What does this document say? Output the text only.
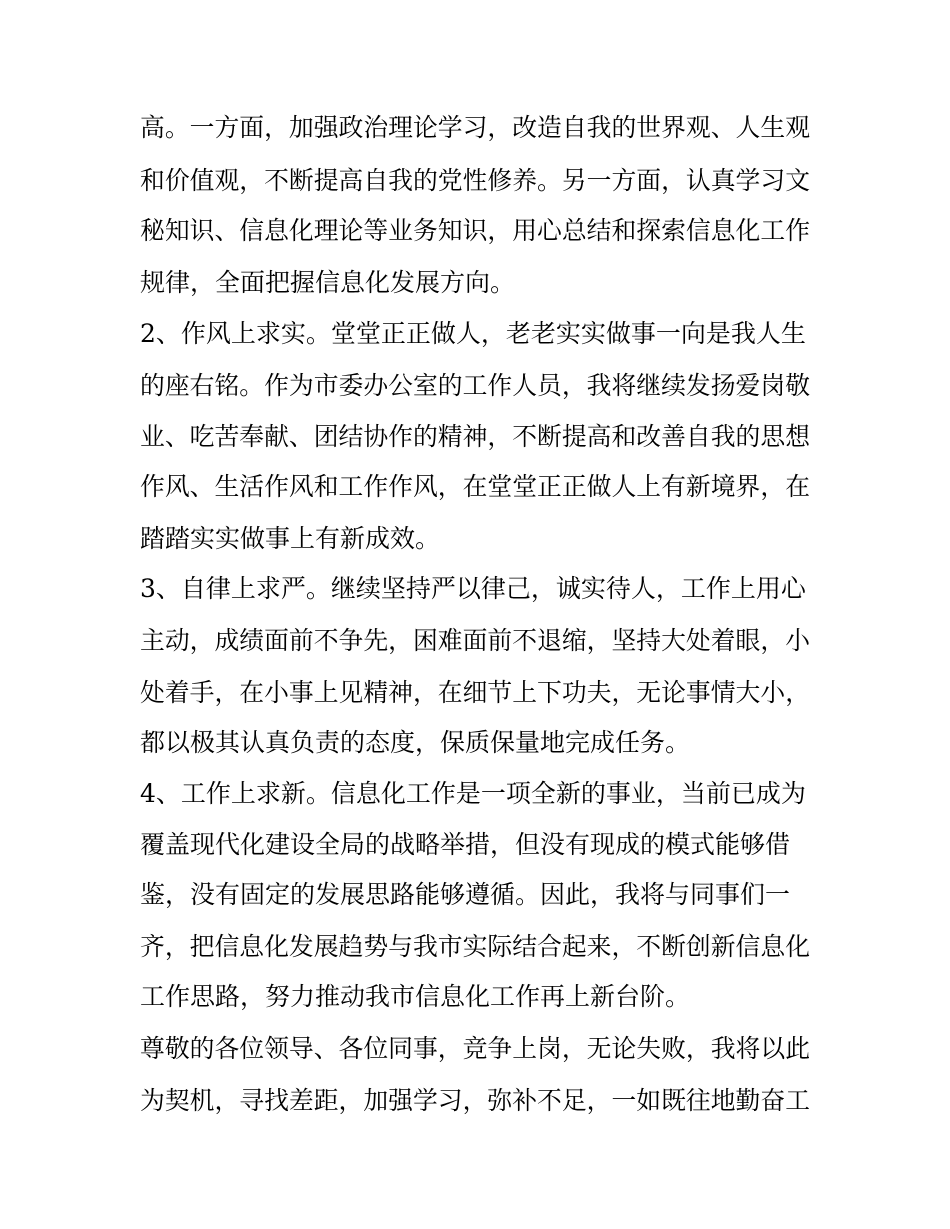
高。一方面，加强政治理论学习，改造自我的世界观、人生观
和价值观，不断提高自我的党性修养。另一方面，认真学习文
秘知识、信息化理论等业务知识，用心总结和探索信息化工作
规律，全面把握信息化发展方向。
2、作风上求实。堂堂正正做人，老老实实做事一向是我人生
的座右铭。作为市委办公室的工作人员，我将继续发扬爱岗敬
业、吃苦奉献、团结协作的精神，不断提高和改善自我的思想
作风、生活作风和工作作风，在堂堂正正做人上有新境界，在
踏踏实实做事上有新成效。
3、自律上求严。继续坚持严以律己，诚实待人，工作上用心
主动，成绩面前不争先，困难面前不退缩，坚持大处着眼，小
处着手，在小事上见精神，在细节上下功夫，无论事情大小，
都以极其认真负责的态度，保质保量地完成任务。
4、工作上求新。信息化工作是一项全新的事业，当前已成为
覆盖现代化建设全局的战略举措，但没有现成的模式能够借
鉴，没有固定的发展思路能够遵循。因此，我将与同事们一
齐，把信息化发展趋势与我市实际结合起来，不断创新信息化
工作思路，努力推动我市信息化工作再上新台阶。
尊敬的各位领导、各位同事，竞争上岗，无论失败，我将以此
为契机，寻找差距，加强学习，弥补不足，一如既往地勤奋工
